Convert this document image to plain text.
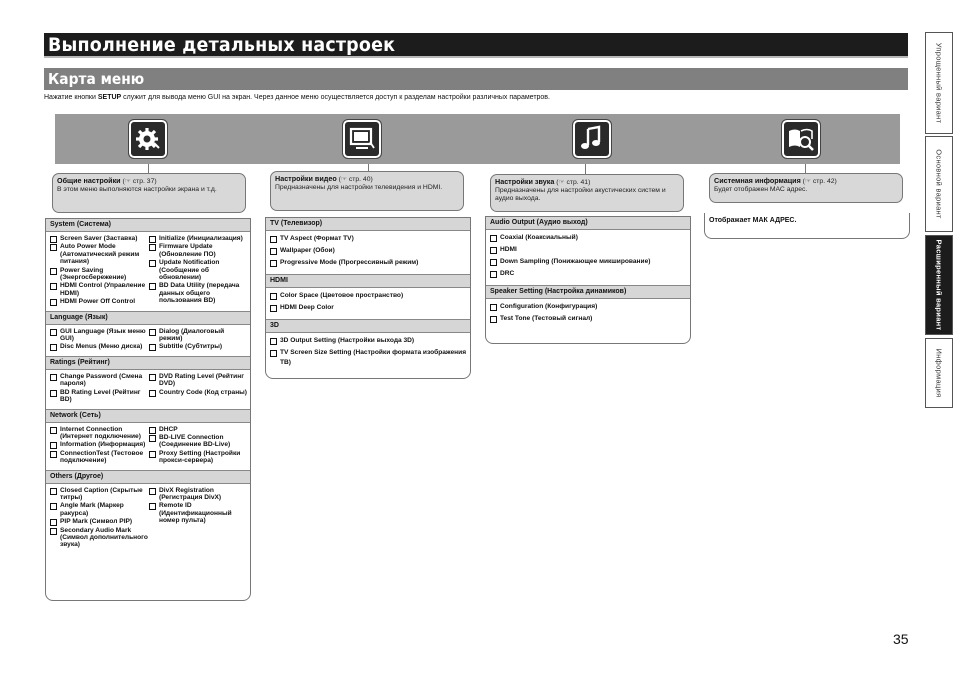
Выполнение детальных настроек
Карта меню
Нажатие кнопки SETUP служит для вывода меню GUI на экран. Через данное меню осуществляется доступ к разделам настройки различных параметров.
Общие настройки (☞ стр. 37)
В этом меню выполняются настройки экрана и т.д.
System (Система)
Screen Saver (Заставка)
Auto Power Mode (Автоматический режим питания)
Power Saving (Энергосбережение)
HDMI Control (Управление HDMI)
HDMI Power Off Control
Initialize (Инициализация)
Firmware Update (Обновление ПО)
Update Notification (Сообщение об обновлении)
BD Data Utility (передача данных общего пользования BD)
Language (Язык)
GUI Language (Язык меню GUI)
Disc Menus (Меню диска)
Dialog (Диалоговый режим)
Subtitle (Субтитры)
Ratings (Рейтинг)
Change Password (Смена пароля)
BD Rating Level (Рейтинг BD)
DVD Rating Level (Рейтинг DVD)
Country Code (Код страны)
Network (Сеть)
Internet Connection (Интернет подключение)
Information (Информация)
ConnectionTest (Тестовое подключение)
DHCP
BD-LIVE Connection (Соединение BD-Live)
Proxy Setting (Настройки прокси-сервера)
Others (Другое)
Closed Caption (Скрытые титры)
Angle Mark (Маркер ракурса)
PIP Mark (Символ PIP)
Secondary Audio Mark (Символ дополнительного звука)
DivX Registration (Регистрация DivX)
Remote ID (Идентификационный номер пульта)
Настройки видео (☞ стр. 40)
Предназначены для настройки телевидения и HDMI.
TV (Телевизор)
TV Aspect (Формат TV)
Wallpaper (Обои)
Progressive Mode (Прогрессивный режим)
HDMI
Color Space (Цветовое пространство)
HDMI Deep Color
3D
3D Output Setting (Настройки выхода 3D)
TV Screen Size Setting (Настройки формата изображения ТВ)
Настройки звука (☞ стр. 41)
Предназначены для настройки акустических систем и аудио выхода.
Audio Output (Аудио выход)
Coaxial (Коаксиальный)
HDMI
Down Sampling (Понижающее микширование)
DRC
Speaker Setting (Настройка динамиков)
Configuration (Конфигурация)
Test Tone (Тестовый сигнал)
Системная информация (☞ стр. 42)
Будет отображен МАС адрес.
Отображает МАК АДРЕС.
Упрощенный вариант
Основной вариант
Расширенный вариант
Информация
35
